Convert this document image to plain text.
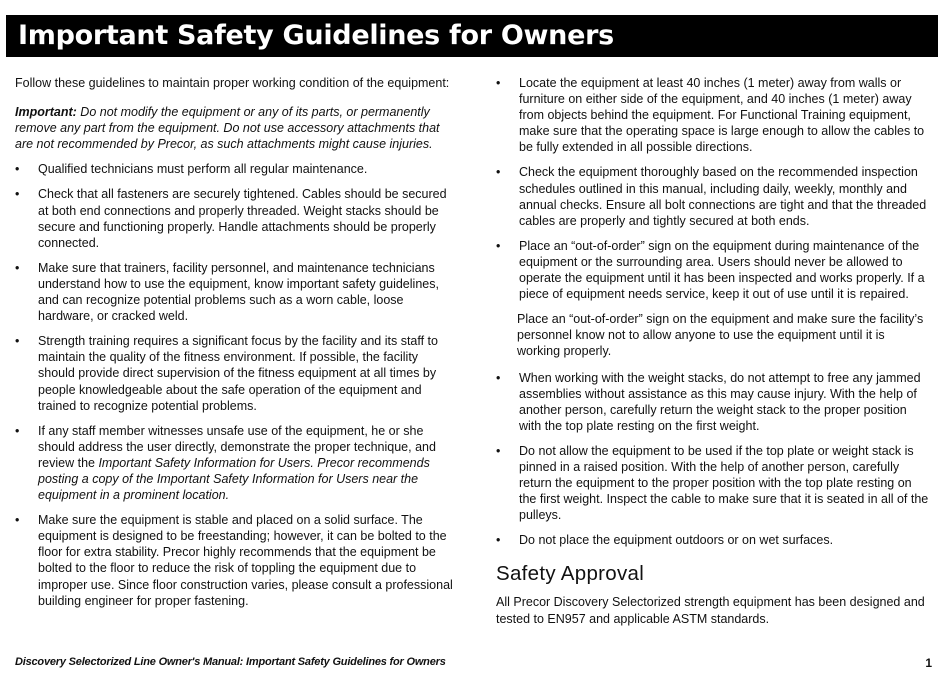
Important Safety Guidelines for Owners

Follow these guidelines to maintain proper working condition of the equipment:

Important: Do not modify the equipment or any of its parts, or permanently remove any part from the equipment. Do not use accessory attachments that are not recommended by Precor, as such attachments might cause injuries.

• Qualified technicians must perform all regular maintenance.
• Check that all fasteners are securely tightened. Cables should be secured at both end connections and properly threaded. Weight stacks should be secure and functioning properly. Handle attachments should be properly connected.
• Make sure that trainers, facility personnel, and maintenance technicians understand how to use the equipment, know important safety guidelines, and can recognize potential problems such as a worn cable, loose hardware, or cracked weld.
• Strength training requires a significant focus by the facility and its staff to maintain the quality of the fitness environment. If possible, the facility should provide direct supervision of the fitness equipment at all times by people knowledgeable about the safe operation of the equipment and trained to recognize potential problems.
• If any staff member witnesses unsafe use of the equipment, he or she should address the user directly, demonstrate the proper technique, and review the Important Safety Information for Users. Precor recommends posting a copy of the Important Safety Information for Users near the equipment in a prominent location.
• Make sure the equipment is stable and placed on a solid surface. The equipment is designed to be freestanding; however, it can be bolted to the floor for extra stability. Precor highly recommends that the equipment be bolted to the floor to reduce the risk of toppling the equipment due to improper use. Since floor construction varies, please consult a professional building engineer for proper fastening.
• Locate the equipment at least 40 inches (1 meter) away from walls or furniture on either side of the equipment, and 40 inches (1 meter) away from objects behind the equipment. For Functional Training equipment, make sure that the operating space is large enough to allow the cables to be fully extended in all possible directions.
• Check the equipment thoroughly based on the recommended inspection schedules outlined in this manual, including daily, weekly, monthly and annual checks. Ensure all bolt connections are tight and that the threaded cables are properly and tightly secured at both ends.
• Place an “out-of-order” sign on the equipment during maintenance of the equipment or the surrounding area. Users should never be allowed to operate the equipment until it has been inspected and works properly. If a piece of equipment needs service, keep it out of use until it is repaired.

Place an “out-of-order” sign on the equipment and make sure the facility’s personnel know not to allow anyone to use the equipment until it is working properly.

• When working with the weight stacks, do not attempt to free any jammed assemblies without assistance as this may cause injury. With the help of another person, carefully return the weight stack to the proper position with the top plate resting on the first weight.
• Do not allow the equipment to be used if the top plate or weight stack is pinned in a raised position. With the help of another person, carefully return the equipment to the proper position with the top plate resting on the first weight. Inspect the cable to make sure that it is seated in all of the pulleys.
• Do not place the equipment outdoors or on wet surfaces.
Safety Approval

All Precor Discovery Selectorized strength equipment has been designed and tested to EN957 and applicable ASTM standards.

Discovery Selectorized Line Owner's Manual: Important Safety Guidelines for Owners	1
